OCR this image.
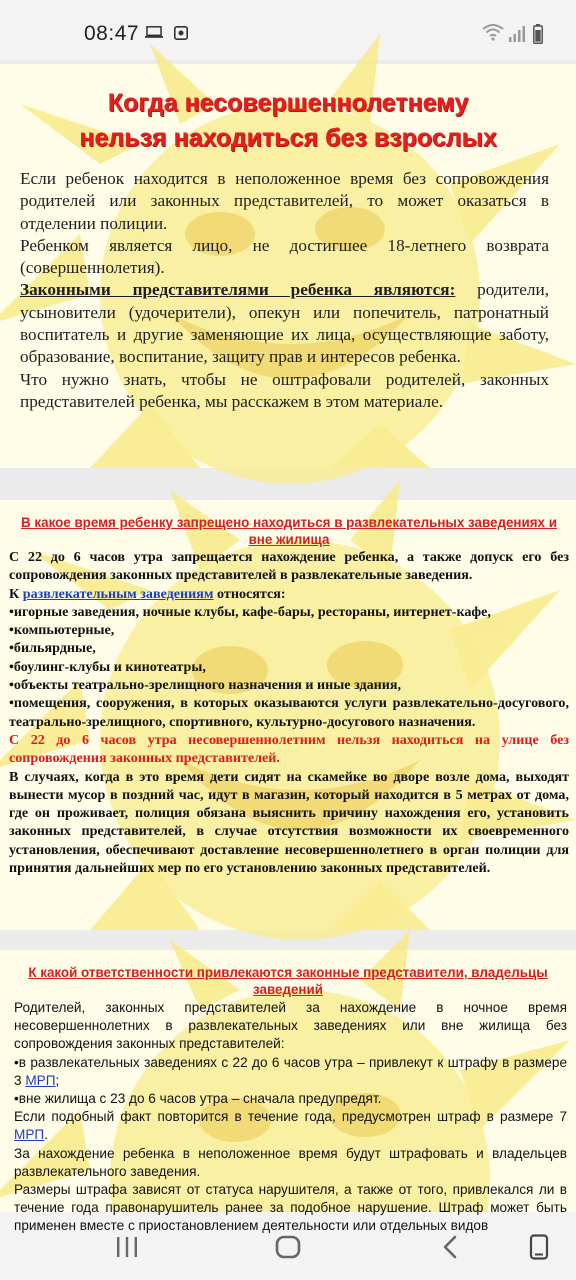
08:47
Когда несовершеннолетнему
нельзя находиться без взрослых

Если ребенок находится в неположенное время без сопровождения родителей или законных представителей, то может оказаться в отделении полиции.

Ребенком является лицо, не достигшее 18-летнего возврата (совершеннолетия).

Законными представителями ребенка являются: родители, усыновители (удочерители), опекун или попечитель, патронатный воспитатель и другие заменяющие их лица, осуществляющие заботу, образование, воспитание, защиту прав и интересов ребенка.

Что нужно знать, чтобы не оштрафовали родителей, законных представителей ребенка, мы расскажем в этом материале.

В какое время ребенку запрещено находиться в развлекательных заведениях и вне жилища

С 22 до 6 часов утра запрещается нахождение ребенка, а также допуск его без сопровождения законных представителей в развлекательные заведения.

К развлекательным заведениям относятся:

•игорные заведения, ночные клубы, кафе-бары, рестораны, интернет-кафе,

•компьютерные,

•бильярдные,

•боулинг-клубы и кинотеатры,

•объекты театрально-зрелищного назначения и иные здания,

•помещения, сооружения, в которых оказываются услуги развлекательно-досугового, театрально-зрелищного, спортивного, культурно-досугового назначения.

С 22 до 6 часов утра несовершеннолетним нельзя находиться на улице без сопровождения законных представителей.

В случаях, когда в это время дети сидят на скамейке во дворе возле дома, выходят вынести мусор в поздний час, идут в магазин, который находится в 5 метрах от дома, где он проживает, полиция обязана выяснить причину нахождения его, установить законных представителей, в случае отсутствия возможности их своевременного установления, обеспечивают доставление несовершеннолетнего в орган полиции для принятия дальнейших мер по его установлению законных представителей.

К какой ответственности привлекаются законные представители, владельцы заведений

Родителей, законных представителей за нахождение в ночное время несовершеннолетних в развлекательных заведениях или вне жилища без сопровождения законных представителей:

•в развлекательных заведениях с 22 до 6 часов утра – привлекут к штрафу в размере 3 МРП;

•вне жилища с 23 до 6 часов утра – сначала предупредят.

Если подобный факт повторится в течение года, предусмотрен штраф в размере 7 МРП.

За нахождение ребенка в неположенное время будут штрафовать и владельцев развлекательного заведения.

Размеры штрафа зависят от статуса нарушителя, а также от того, привлекался ли в течение года правонарушитель ранее за подобное нарушение. Штраф может быть применен вместе с приостановлением деятельности или отдельных видов
